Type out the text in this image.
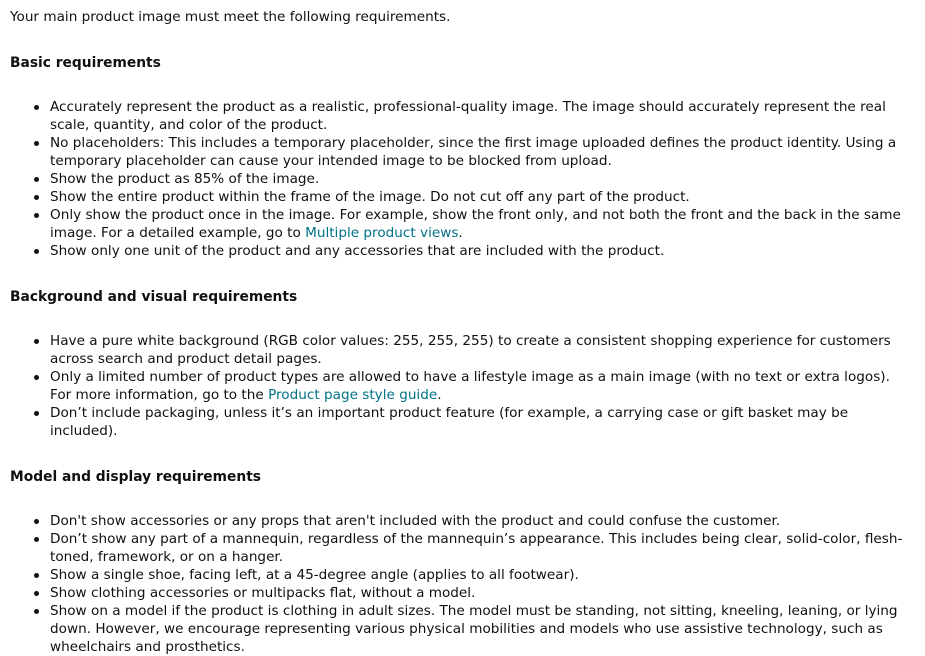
Your main product image must meet the following requirements.

Basic requirements
Accurately represent the product as a realistic, professional-quality image. The image should accurately represent the real scale, quantity, and color of the product.
No placeholders: This includes a temporary placeholder, since the first image uploaded defines the product identity. Using a temporary placeholder can cause your intended image to be blocked from upload.
Show the product as 85% of the image.
Show the entire product within the frame of the image. Do not cut off any part of the product.
Only show the product once in the image. For example, show the front only, and not both the front and the back in the same image. For a detailed example, go to Multiple product views.
Show only one unit of the product and any accessories that are included with the product.
Background and visual requirements
Have a pure white background (RGB color values: 255, 255, 255) to create a consistent shopping experience for customers across search and product detail pages.
Only a limited number of product types are allowed to have a lifestyle image as a main image (with no text or extra logos). For more information, go to the Product page style guide.
Don’t include packaging, unless it’s an important product feature (for example, a carrying case or gift basket may be included).
Model and display requirements
Don't show accessories or any props that aren't included with the product and could confuse the customer.
Don’t show any part of a mannequin, regardless of the mannequin’s appearance. This includes being clear, solid-color, flesh-toned, framework, or on a hanger.
Show a single shoe, facing left, at a 45-degree angle (applies to all footwear).
Show clothing accessories or multipacks flat, without a model.
Show on a model if the product is clothing in adult sizes. The model must be standing, not sitting, kneeling, leaning, or lying down. However, we encourage representing various physical mobilities and models who use assistive technology, such as wheelchairs and prosthetics.
